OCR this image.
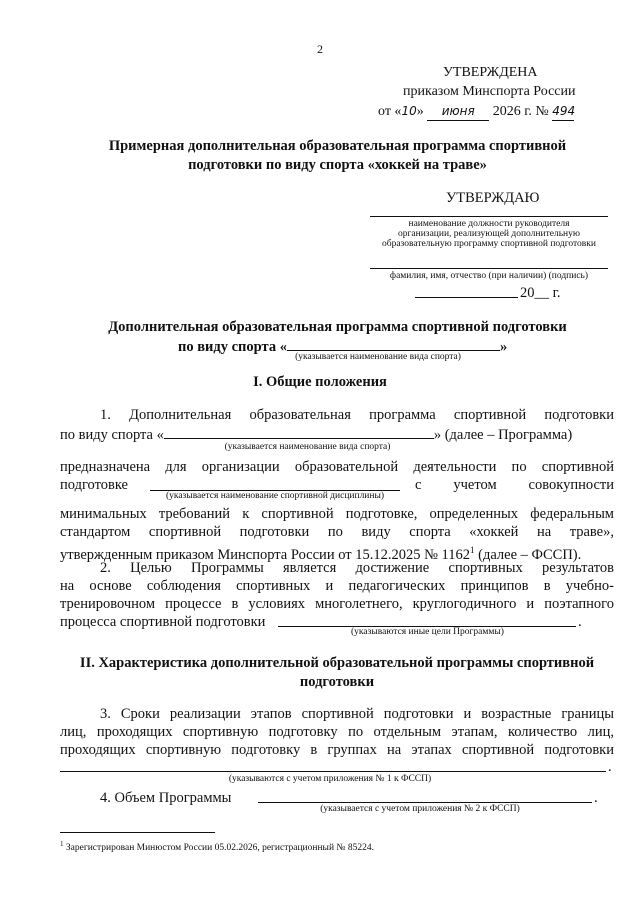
2
УТВЕРЖДЕНА
приказом Минспорта России
от «10» июня 2026 г. № 494
Примерная дополнительная образовательная программа спортивной
подготовки по виду спорта «хоккей на траве»
УТВЕРЖДАЮ
наименование должности руководителя
организации, реализующей дополнительную
образовательную программу спортивной подготовки
фамилия, имя, отчество (при наличии) (подпись)
20__ г.
Дополнительная образовательная программа спортивной подготовки
по виду спорта «	»
(указывается наименование вида спорта)
I. Общие положения
1. Дополнительная образовательная программа спортивной подготовки
по виду спорта «	» (далее – Программа)
(указывается наименование вида спорта)
предназначена для организации образовательной деятельности по спортивной
подготовке	с учетом совокупности
(указывается наименование спортивной дисциплины)
минимальных требований к спортивной подготовке, определенных федеральным
стандартом спортивной подготовки по виду спорта «хоккей на траве»,
утвержденным приказом Минспорта России от 15.12.2025 № 1162$^1$ (далее – ФССП).
2. Целью Программы является достижение спортивных результатов
на основе соблюдения спортивных и педагогических принципов в учебно-
тренировочном процессе в условиях многолетнего, круглогодичного и поэтапного
процесса спортивной подготовки	.
(указываются иные цели Программы)
II. Характеристика дополнительной образовательной программы спортивной
подготовки
3. Сроки реализации этапов спортивной подготовки и возрастные границы
лиц, проходящих спортивную подготовку по отдельным этапам, количество лиц,
проходящих спортивную подготовку в группах на этапах спортивной подготовки
.
(указываются с учетом приложения № 1 к ФССП)
4. Объем Программы	.
(указывается с учетом приложения № 2 к ФССП)
$^1$ Зарегистрирован Минюстом России 05.02.2026, регистрационный № 85224.
